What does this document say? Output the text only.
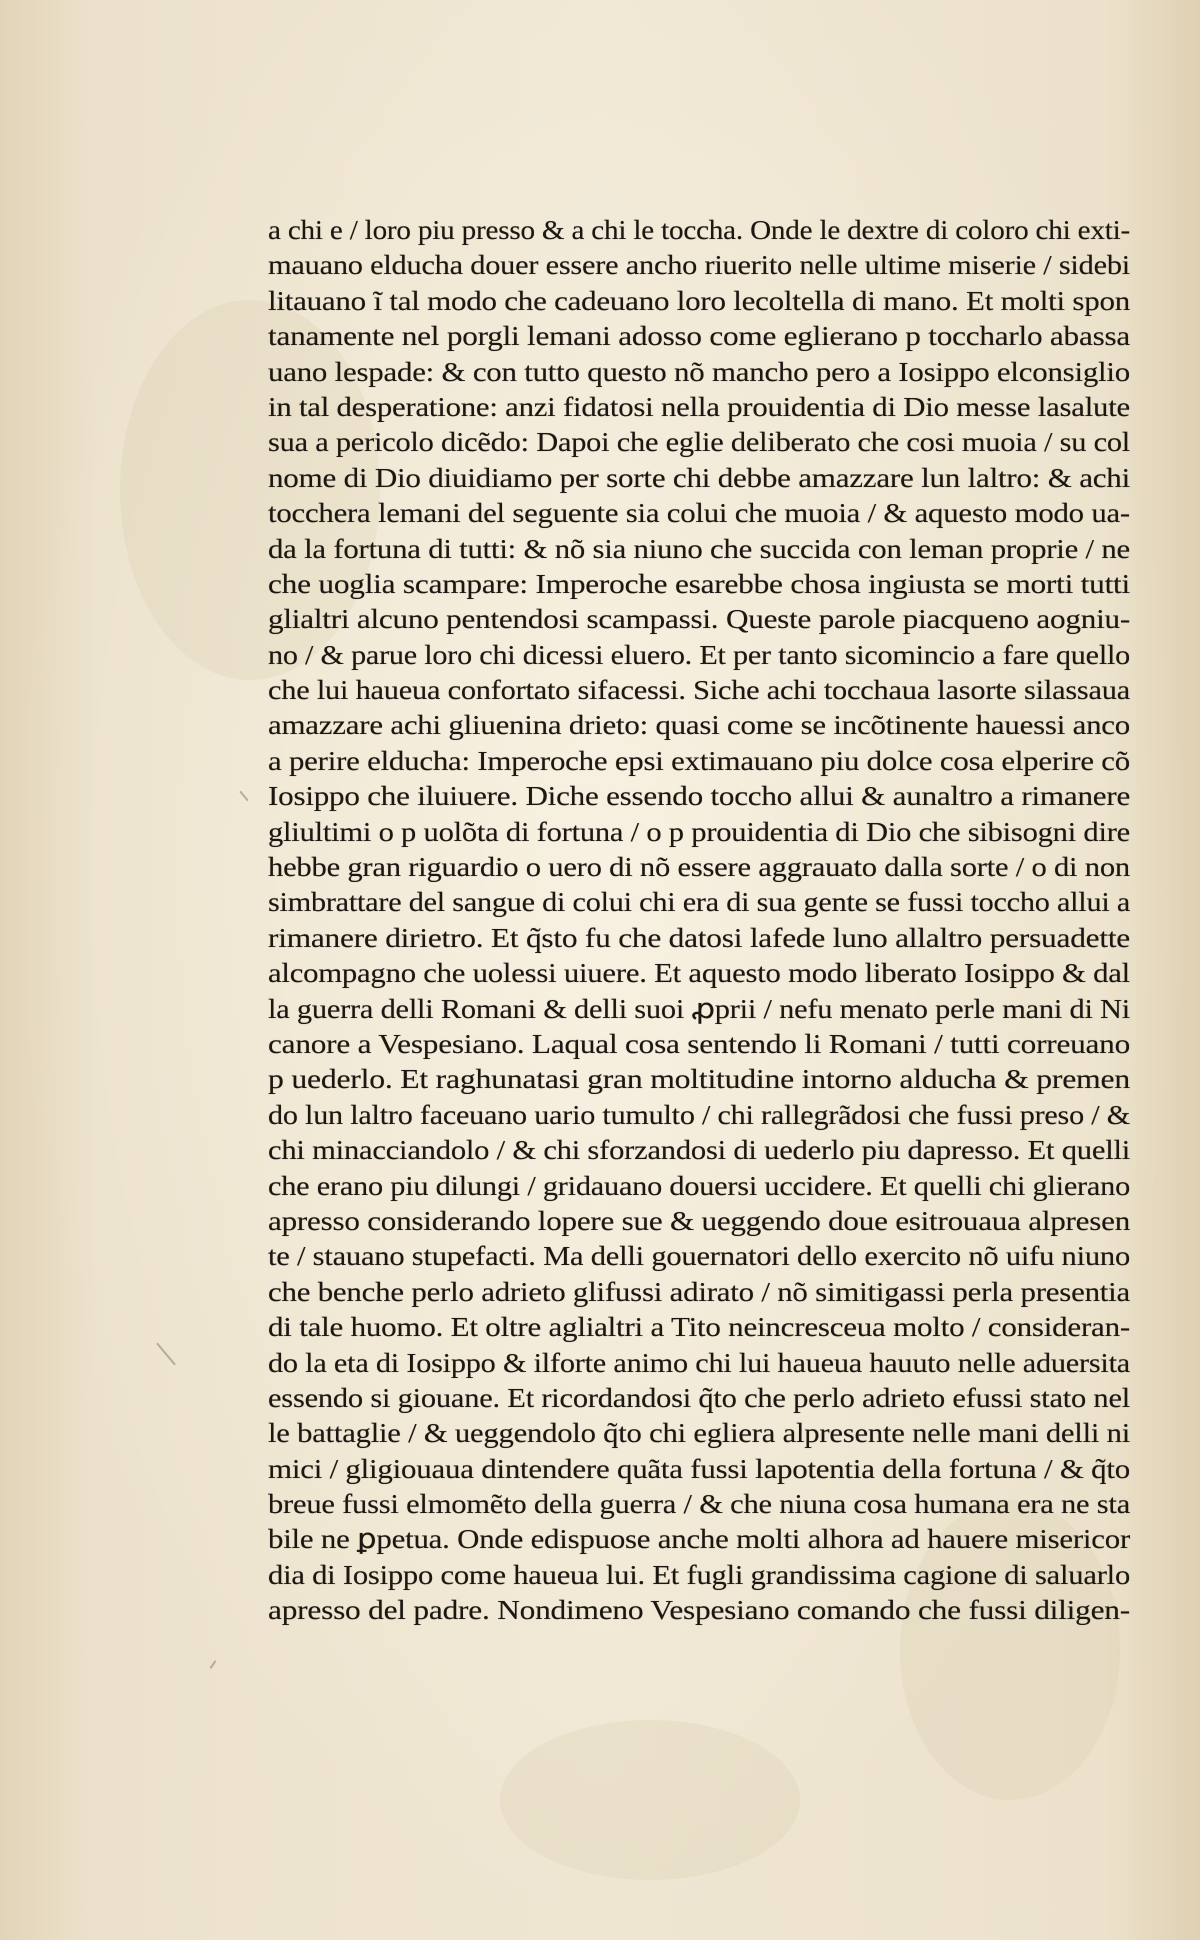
a chi e / loro piu presso & a chi le toccha. Onde le dextre di coloro chi exti-
mauano elducha douer essere ancho riuerito nelle ultime miserie / sidebi
litauano ĩ tal modo che cadeuano loro lecoltella di mano. Et molti spon
tanamente nel porgli lemani adosso come eglierano p toccharlo abassa
uano lespade: & con tutto questo nõ mancho pero a Iosippo elconsiglio
in tal desperatione: anzi fidatosi nella prouidentia di Dio messe lasalute
sua a pericolo dicẽdo: Dapoi che eglie deliberato che cosi muoia / su col
nome di Dio diuidiamo per sorte chi debbe amazzare lun laltro: & achi
tocchera lemani del seguente sia colui che muoia / & aquesto modo ua-
da la fortuna di tutti: & nõ sia niuno che succida con leman proprie / ne
che uoglia scampare: Imperoche esarebbe chosa ingiusta se morti tutti
glialtri alcuno pentendosi scampassi. Queste parole piacqueno aogniu-
no / & parue loro chi dicessi eluero. Et per tanto sicomincio a fare quello
che lui haueua confortato sifacessi. Siche achi tocchaua lasorte silassaua
amazzare achi gliuenina drieto: quasi come se incõtinente hauessi anco
a perire elducha: Imperoche epsi extimauano piu dolce cosa elperire cõ
Iosippo che iluiuere. Diche essendo toccho allui & aunaltro a rimanere
gliultimi o p uolõta di fortuna / o p prouidentia di Dio che sibisogni dire
hebbe gran riguardio o uero di nõ essere aggrauato dalla sorte / o di non
simbrattare del sangue di colui chi era di sua gente se fussi toccho allui a
rimanere dirietro. Et q̃sto fu che datosi lafede luno allaltro persuadette
alcompagno che uolessi uiuere. Et aquesto modo liberato Iosippo & dal
la guerra delli Romani & delli suoi ꝓprii / nefu menato perle mani di Ni
canore a Vespesiano. Laqual cosa sentendo li Romani / tutti correuano
p uederlo. Et raghunatasi gran moltitudine intorno alducha & premen
do lun laltro faceuano uario tumulto / chi rallegrãdosi che fussi preso / &
chi minacciandolo / & chi sforzandosi di uederlo piu dapresso. Et quelli
che erano piu dilungi / gridauano douersi uccidere. Et quelli chi glierano
apresso considerando lopere sue & ueggendo doue esitrouaua alpresen
te / stauano stupefacti. Ma delli gouernatori dello exercito nõ uifu niuno
che benche perlo adrieto glifussi adirato / nõ simitigassi perla presentia
di tale huomo. Et oltre aglialtri a Tito neincresceua molto / consideran-
do la eta di Iosippo & ilforte animo chi lui haueua hauuto nelle aduersita
essendo si giouane. Et ricordandosi q̃to che perlo adrieto efussi stato nel
le battaglie / & ueggendolo q̃to chi egliera alpresente nelle mani delli ni
mici / gligiouaua dintendere quãta fussi lapotentia della fortuna / & q̃to
breue fussi elmomẽto della guerra / & che niuna cosa humana era ne sta
bile ne ꝑpetua. Onde edispuose anche molti alhora ad hauere misericor
dia di Iosippo come haueua lui. Et fugli grandissima cagione di saluarlo
apresso del padre. Nondimeno Vespesiano comando che fussi diligen-
